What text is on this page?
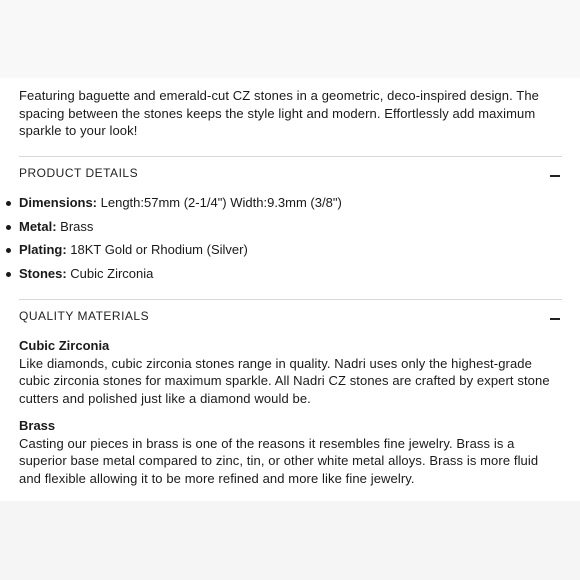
Featuring baguette and emerald-cut CZ stones in a geometric, deco-inspired design. The spacing between the stones keeps the style light and modern. Effortlessly add maximum sparkle to your look!

PRODUCT DETAILS
Dimensions: Length:57mm (2-1/4") Width:9.3mm (3/8")
Metal: Brass
Plating: 18KT Gold or Rhodium (Silver)
Stones: Cubic Zirconia
QUALITY MATERIALS

Cubic Zirconia

Like diamonds, cubic zirconia stones range in quality. Nadri uses only the highest-grade cubic zirconia stones for maximum sparkle. All Nadri CZ stones are crafted by expert stone cutters and polished just like a diamond would be.

Brass

Casting our pieces in brass is one of the reasons it resembles fine jewelry. Brass is a superior base metal compared to zinc, tin, or other white metal alloys. Brass is more fluid and flexible allowing it to be more refined and more like fine jewelry.
